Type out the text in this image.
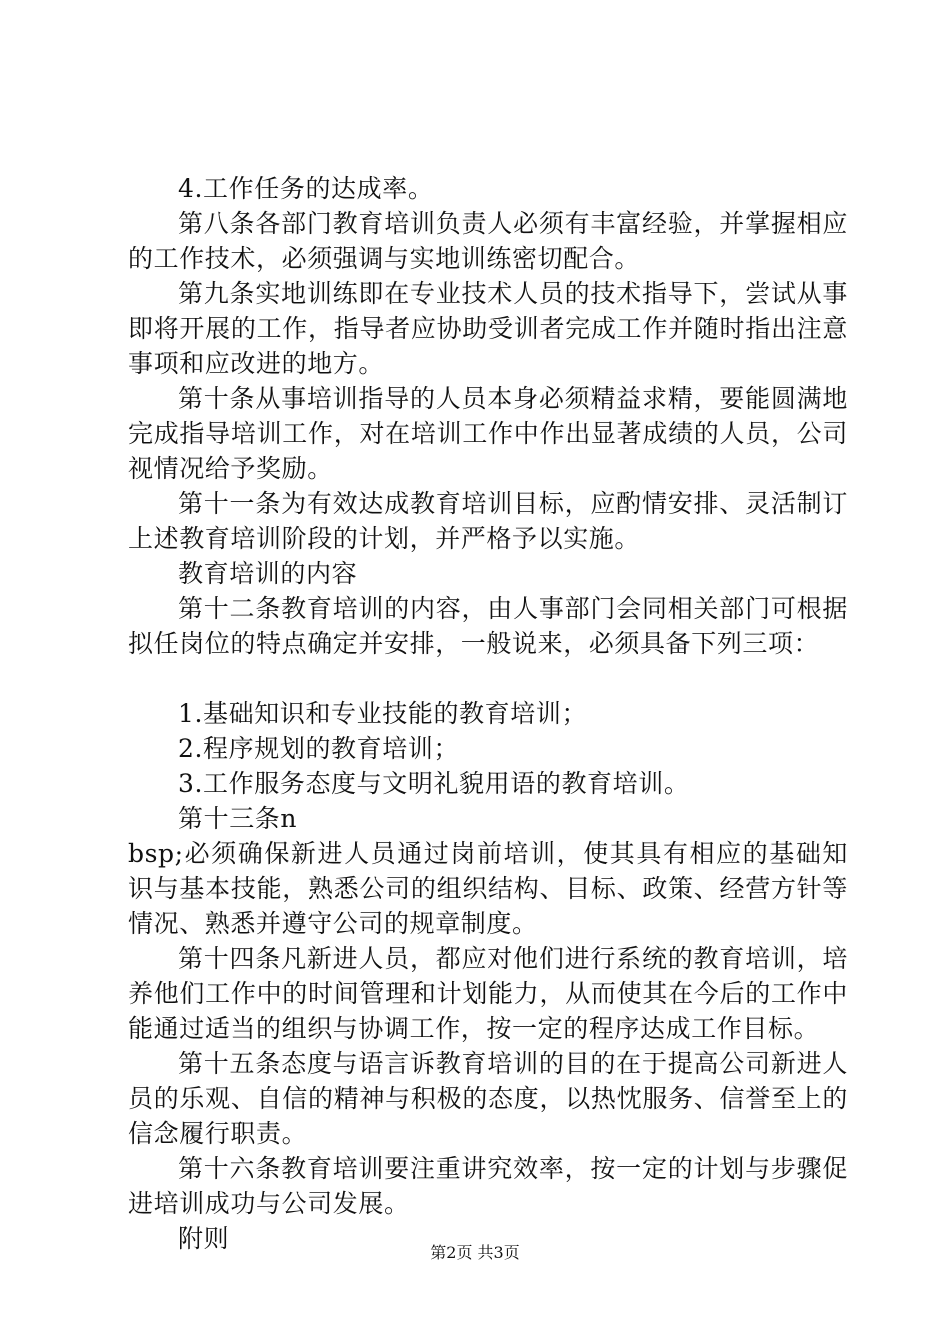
4.工作任务的达成率。

第八条各部门教育培训负责人必须有丰富经验，并掌握相应的工作技术，必须强调与实地训练密切配合。

第九条实地训练即在专业技术人员的技术指导下，尝试从事即将开展的工作，指导者应协助受训者完成工作并随时指出注意事项和应改进的地方。

第十条从事培训指导的人员本身必须精益求精，要能圆满地完成指导培训工作，对在培训工作中作出显著成绩的人员，公司视情况给予奖励。

第十一条为有效达成教育培训目标，应酌情安排、灵活制订上述教育培训阶段的计划，并严格予以实施。

教育培训的内容

第十二条教育培训的内容，由人事部门会同相关部门可根据拟任岗位的特点确定并安排，一般说来，必须具备下列三项：

1.基础知识和专业技能的教育培训；

2.程序规划的教育培训；

3.工作服务态度与文明礼貌用语的教育培训。

第十三条n

bsp;必须确保新进人员通过岗前培训，使其具有相应的基础知识与基本技能，熟悉公司的组织结构、目标、政策、经营方针等情况、熟悉并遵守公司的规章制度。

第十四条凡新进人员，都应对他们进行系统的教育培训，培养他们工作中的时间管理和计划能力，从而使其在今后的工作中能通过适当的组织与协调工作，按一定的程序达成工作目标。

第十五条态度与语言诉教育培训的目的在于提高公司新进人员的乐观、自信的精神与积极的态度，以热忱服务、信誉至上的信念履行职责。

第十六条教育培训要注重讲究效率，按一定的计划与步骤促进培训成功与公司发展。

附则	第2页 共3页
